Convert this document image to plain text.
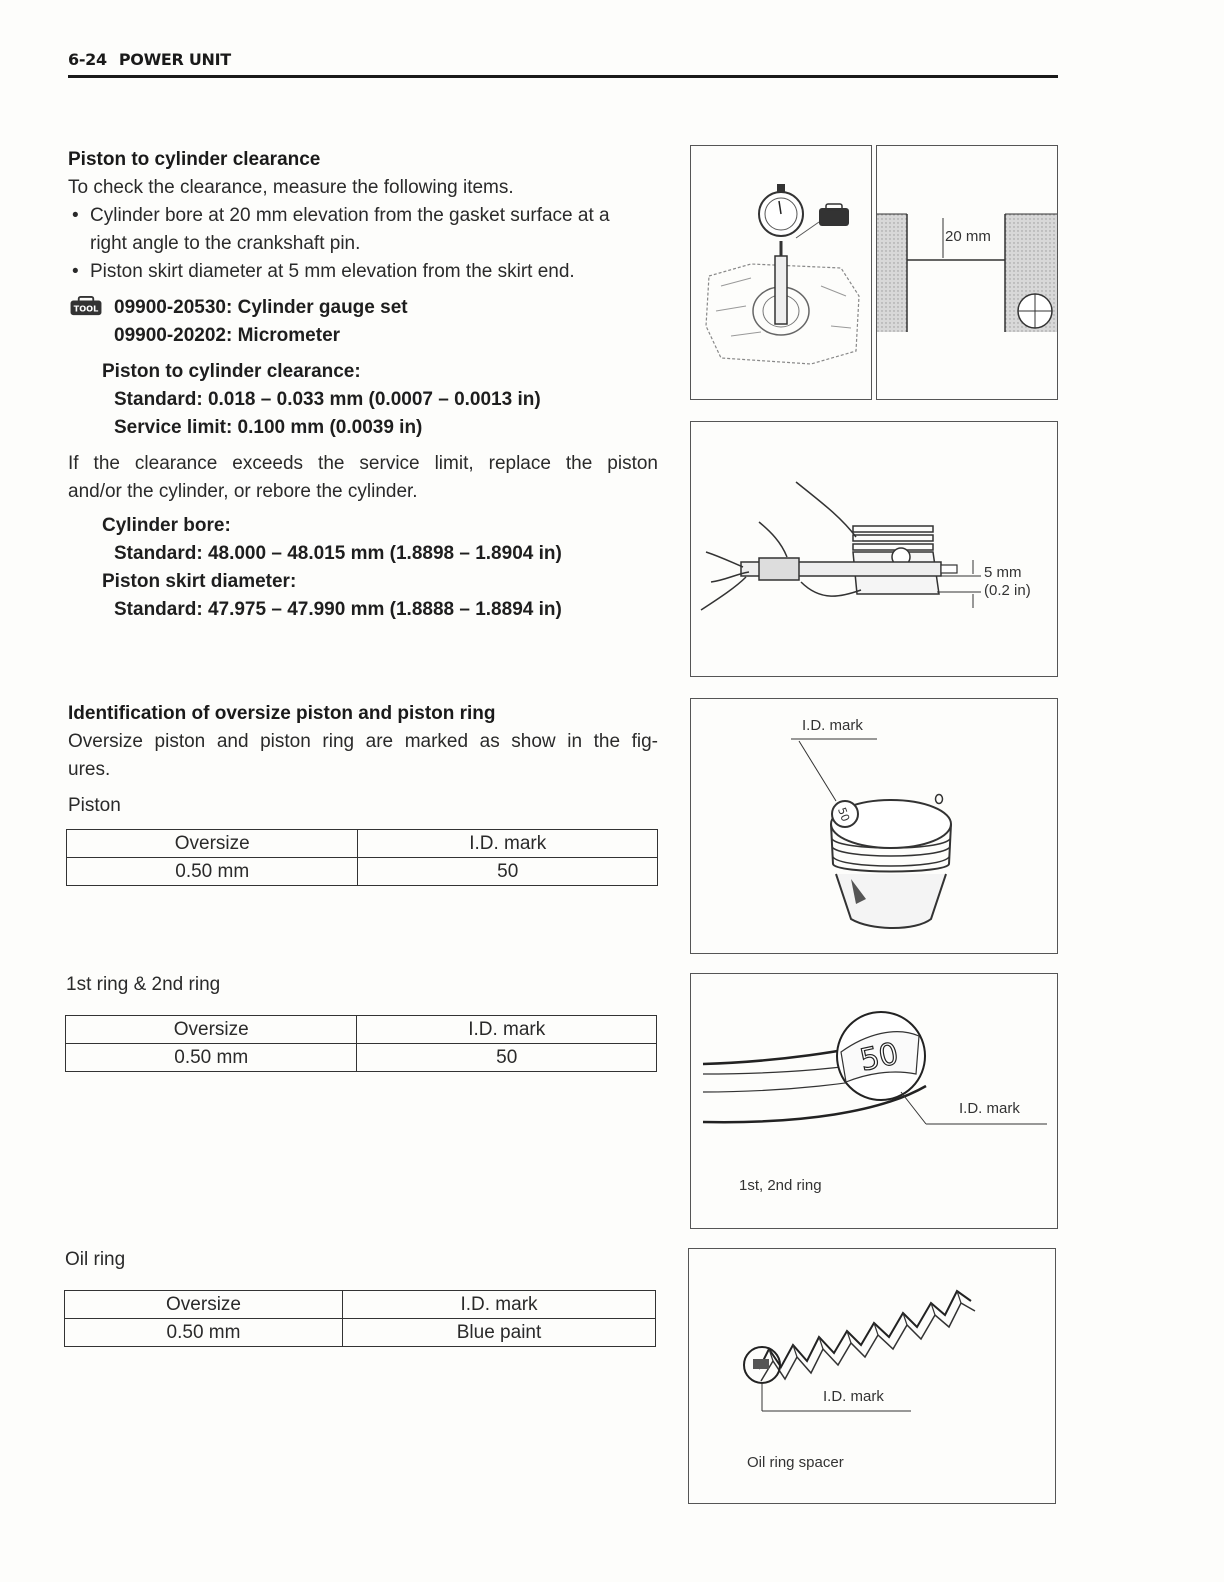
6-24 POWER UNIT
Piston to cylinder clearance
To check the clearance, measure the following items.
• Cylinder bore at 20 mm elevation from the gasket surface at a
right angle to the crankshaft pin.
• Piston skirt diameter at 5 mm elevation from the skirt end.
TOOL 09900-20530: Cylinder gauge set
09900-20202: Micrometer
Piston to cylinder clearance:
Standard: 0.018 – 0.033 mm (0.0007 – 0.0013 in)
Service limit: 0.100 mm (0.0039 in)
If the clearance exceeds the service limit, replace the piston
and/or the cylinder, or rebore the cylinder.
Cylinder bore:
Standard: 48.000 – 48.015 mm (1.8898 – 1.8904 in)
Piston skirt diameter:
Standard: 47.975 – 47.990 mm (1.8888 – 1.8894 in)
Identification of oversize piston and piston ring
Oversize piston and piston ring are marked as show in the fig-
ures.
Piston
Oversize	I.D. mark
0.50 mm	50
1st ring & 2nd ring
Oversize	I.D. mark
0.50 mm	50
Oil ring
Oversize	I.D. mark
0.50 mm	Blue paint
20 mm
5 mm
(0.2 in)
50
I.D. mark
50
I.D. mark
1st, 2nd ring
I.D. mark
Oil ring spacer
